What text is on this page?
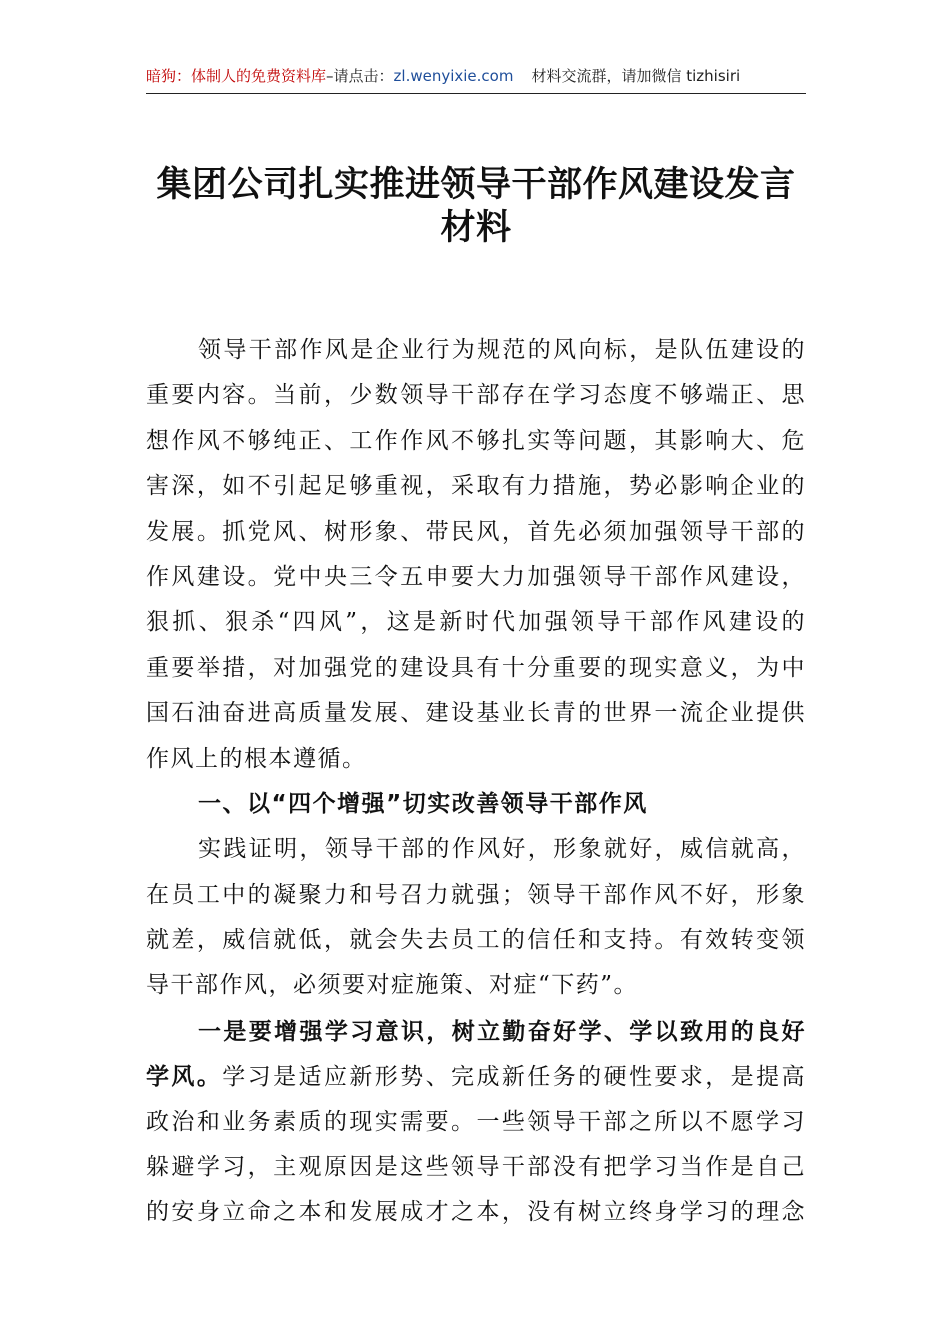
暗狗：体制人的免费资料库–请点击：zl.wenyixie.com 材料交流群，请加微信 tizhisiri
集团公司扎实推进领导干部作风建设发言
材料
领导干部作风是企业行为规范的风向标，是队伍建设的
重要内容。当前，少数领导干部存在学习态度不够端正、思
想作风不够纯正、工作作风不够扎实等问题，其影响大、危
害深，如不引起足够重视，采取有力措施，势必影响企业的
发展。抓党风、树形象、带民风，首先必须加强领导干部的
作风建设。党中央三令五申要大力加强领导干部作风建设，
狠抓、狠杀“四风”，这是新时代加强领导干部作风建设的
重要举措，对加强党的建设具有十分重要的现实意义，为中
国石油奋进高质量发展、建设基业长青的世界一流企业提供
作风上的根本遵循。
一、以“四个增强”切实改善领导干部作风
实践证明，领导干部的作风好，形象就好，威信就高，
在员工中的凝聚力和号召力就强；领导干部作风不好，形象
就差，威信就低，就会失去员工的信任和支持。有效转变领
导干部作风，必须要对症施策、对症“下药”。
一是要增强学习意识，树立勤奋好学、学以致用的良好
学风。学习是适应新形势、完成新任务的硬性要求，是提高
政治和业务素质的现实需要。一些领导干部之所以不愿学习
躲避学习，主观原因是这些领导干部没有把学习当作是自己
的安身立命之本和发展成才之本，没有树立终身学习的理念
